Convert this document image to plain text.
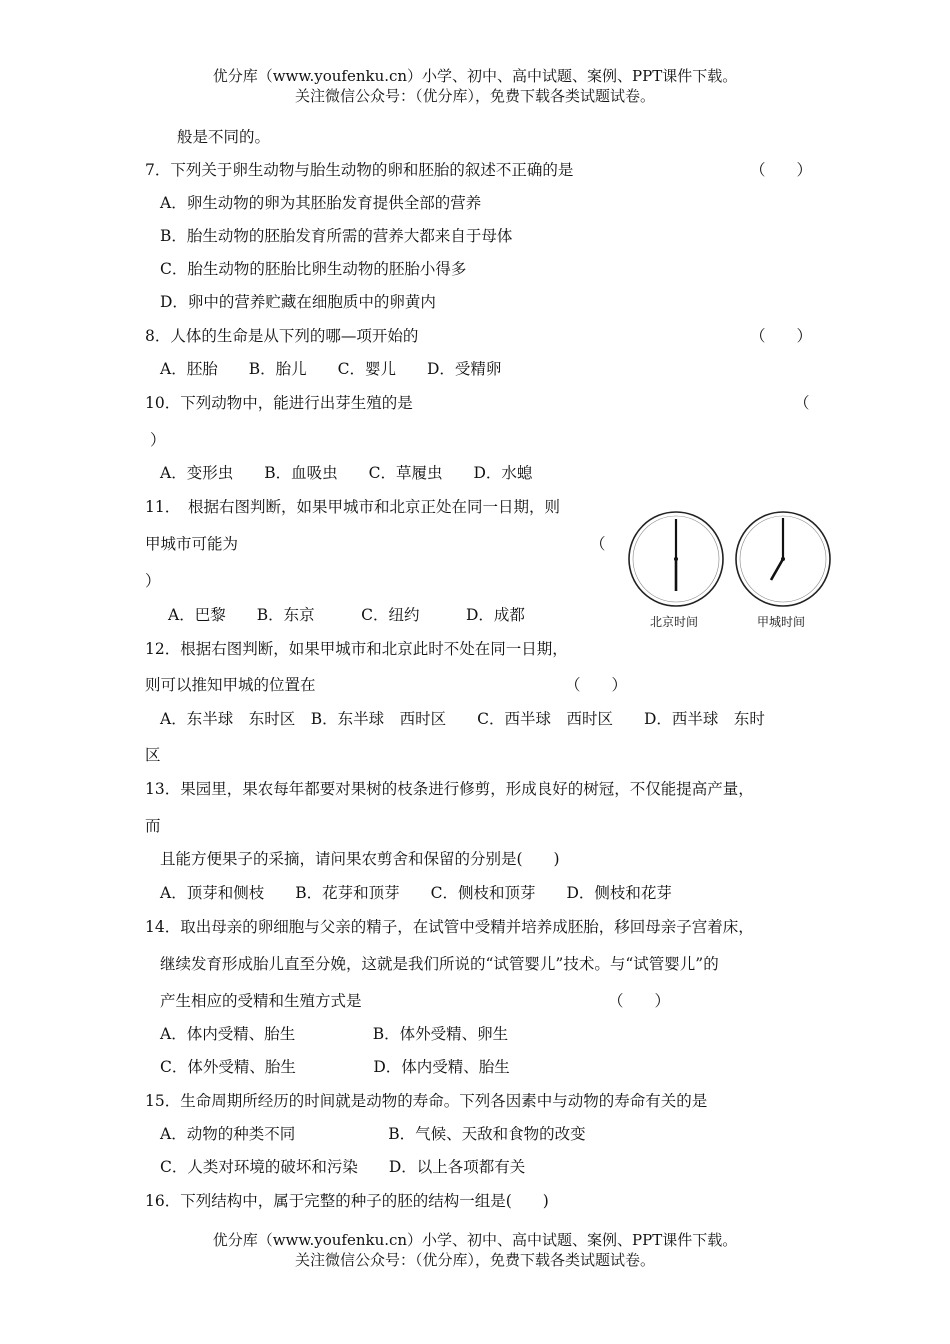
优分库（www.youfenku.cn）小学、初中、高中试题、案例、PPT课件下载。
关注微信公众号：（优分库），免费下载各类试题试卷。
般是不同的。
7．下列关于卵生动物与胎生动物的卵和胚胎的叙述不正确的是	（　　）
A．卵生动物的卵为其胚胎发育提供全部的营养
B．胎生动物的胚胎发育所需的营养大都来自于母体
C．胎生动物的胚胎比卵生动物的胚胎小得多
D．卵中的营养贮藏在细胞质中的卵黄内
8．人体的生命是从下列的哪—项开始的	（　　）
A．胚胎　　B．胎儿　　C．婴儿　　D．受精卵
10．下列动物中，能进行出芽生殖的是	（
）
A．变形虫　　B．血吸虫　　C．草履虫　　D．水螅
11．　根据右图判断，如果甲城市和北京正处在同一日期，则
甲城市可能为	（
）
A．巴黎　　B．东京　　　C．纽约　　　D．成都	北京时间	甲城时间
12．根据右图判断，如果甲城市和北京此时不处在同一日期，
则可以推知甲城的位置在	（　　）
A．东半球　东时区　B．东半球　西时区　　C．西半球　西时区　　D．西半球　东时
区
13．果园里，果农每年都要对果树的枝条进行修剪，形成良好的树冠，不仅能提高产量，
而
且能方便果子的采摘，请问果农剪舍和保留的分别是(　　)
A．顶芽和侧枝　　B．花芽和顶芽　　C．侧枝和顶芽　　D．侧枝和花芽
14．取出母亲的卵细胞与父亲的精子，在试管中受精并培养成胚胎，移回母亲子宫着床，
继续发育形成胎儿直至分娩，这就是我们所说的“试管婴儿”技术。与“试管婴儿”的
产生相应的受精和生殖方式是	（　　）
A．体内受精、胎生　　　　　B．体外受精、卵生
C．体外受精、胎生　　　　　D．体内受精、胎生
15．生命周期所经历的时间就是动物的寿命。下列各因素中与动物的寿命有关的是
A．动物的种类不同　　　　　　B．气候、天敌和食物的改变
C．人类对环境的破坏和污染　　D．以上各项都有关
16．下列结构中，属于完整的种子的胚的结构一组是(　　)
优分库（www.youfenku.cn）小学、初中、高中试题、案例、PPT课件下载。
关注微信公众号：（优分库），免费下载各类试题试卷。
